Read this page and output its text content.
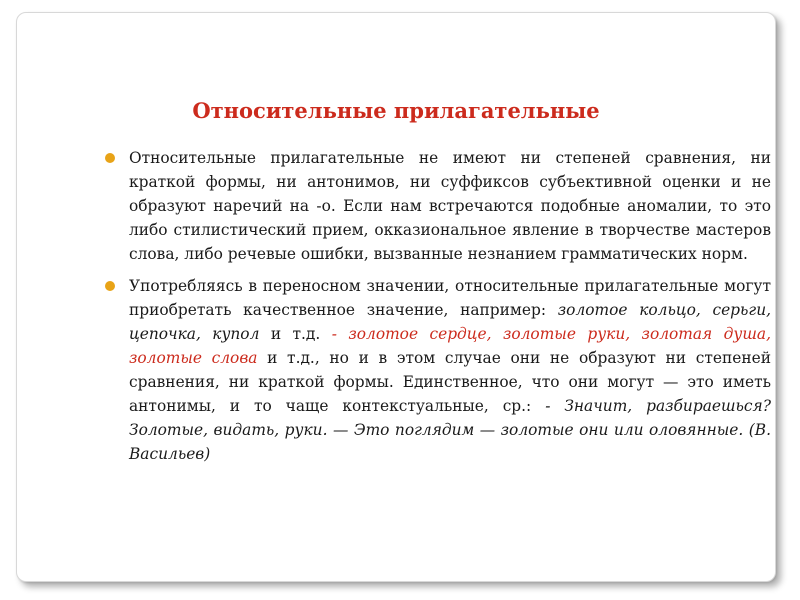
Относительные прилагательные

Относительные прилагательные не имеют ни степеней сравнения, ни краткой формы, ни антонимов, ни суффиксов субъективной оценки и не образуют наречий на -о. Если нам встречаются подобные аномалии, то это либо стилистический прием, окказиональное явление в творчестве мастеров слова, либо речевые ошибки, вызванные незнанием грамматических норм.

Употребляясь в переносном значении, относительные прилагательные могут приобретать качественное значение, например: золотое кольцо, серьги, цепочка, купол и т.д. - золотое сердце, золотые руки, золотая душа, золотые слова и т.д., но и в этом случае они не образуют ни степеней сравнения, ни краткой формы. Единственное, что они могут — это иметь антонимы, и то чаще контекстуальные, ср.: - Значит, разбираешься? Золотые, видать, руки. — Это поглядим — золотые они или оловянные. (В. Васильев)
